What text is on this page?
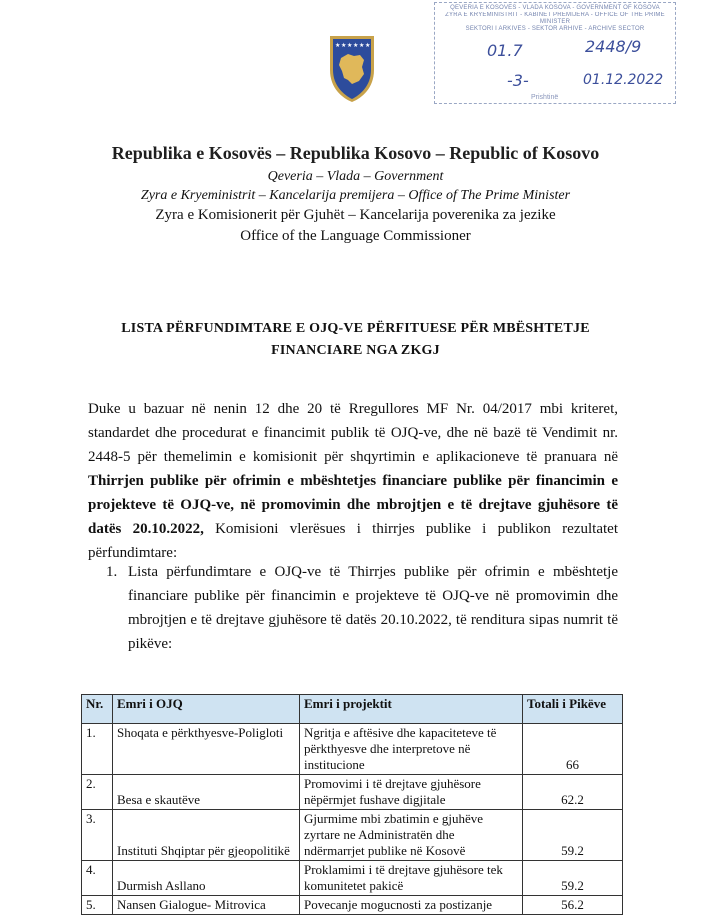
QEVERIA E KOSOVËS - VLADA KOSOVA - GOVERNMENT OF KOSOVA
ZYRA E KRYEMINISTRIT - KABINET PREMIJERA - OFFICE OF THE PRIME MINISTER
SEKTORI I ARKIVËS - SEKTOR ARHIVE - ARCHIVE SECTOR
01.7	2448/9
-3-	01.12.2022
Prishtinë
★ ★ ★ ★ ★ ★
Republika e Kosovës – Republika Kosovo – Republic of Kosovo
Qeveria – Vlada – Government
Zyra e Kryeministrit – Kancelarija premijera – Office of The Prime Minister
Zyra e Komisionerit për Gjuhët – Kancelarija poverenika za jezike
Office of the Language Commissioner
LISTA PËRFUNDIMTARE E OJQ-VE PËRFITUESE PËR MBËSHTETJE
FINANCIARE NGA ZKGJ
Duke u bazuar në nenin 12 dhe 20 të Rregullores MF Nr. 04/2017 mbi kriteret, standardet dhe procedurat e financimit publik të OJQ-ve, dhe në bazë të Vendimit nr. 2448-5 për themelimin e komisionit për shqyrtimin e aplikacioneve të pranuara në Thirrjen publike për ofrimin e mbështetjes financiare publike për financimin e projekteve të OJQ-ve, në promovimin dhe mbrojtjen e të drejtave gjuhësore të datës 20.10.2022, Komisioni vlerësues i thirrjes publike i publikon rezultatet përfundimtare:
1. Lista përfundimtare e OJQ-ve të Thirrjes publike për ofrimin e mbështetje financiare publike për financimin e projekteve të OJQ-ve në promovimin dhe mbrojtjen e të drejtave gjuhësore të datës 20.10.2022, të renditura sipas numrit të pikëve:
Nr.	Emri i OJQ	Emri i projektit	Totali i Pikëve
1.	Shoqata e përkthyesve-Poligloti	Ngritja e aftësive dhe kapaciteteve të përkthyesve dhe interpretove në institucione	66
2.	Besa e skautëve	Promovimi i të drejtave gjuhësore nëpërmjet fushave digjitale	62.2
3.	Instituti Shqiptar për gjeopolitikë	Gjurmime mbi zbatimin e gjuhëve zyrtare ne Administratën dhe ndërmarrjet publike në Kosovë	59.2
4.	Durmish Asllano	Proklamimi i të drejtave gjuhësore tek komunitetet pakicë	59.2
5.	Nansen Gialogue- Mitrovica	Povecanje mogucnosti za postizanje	56.2
